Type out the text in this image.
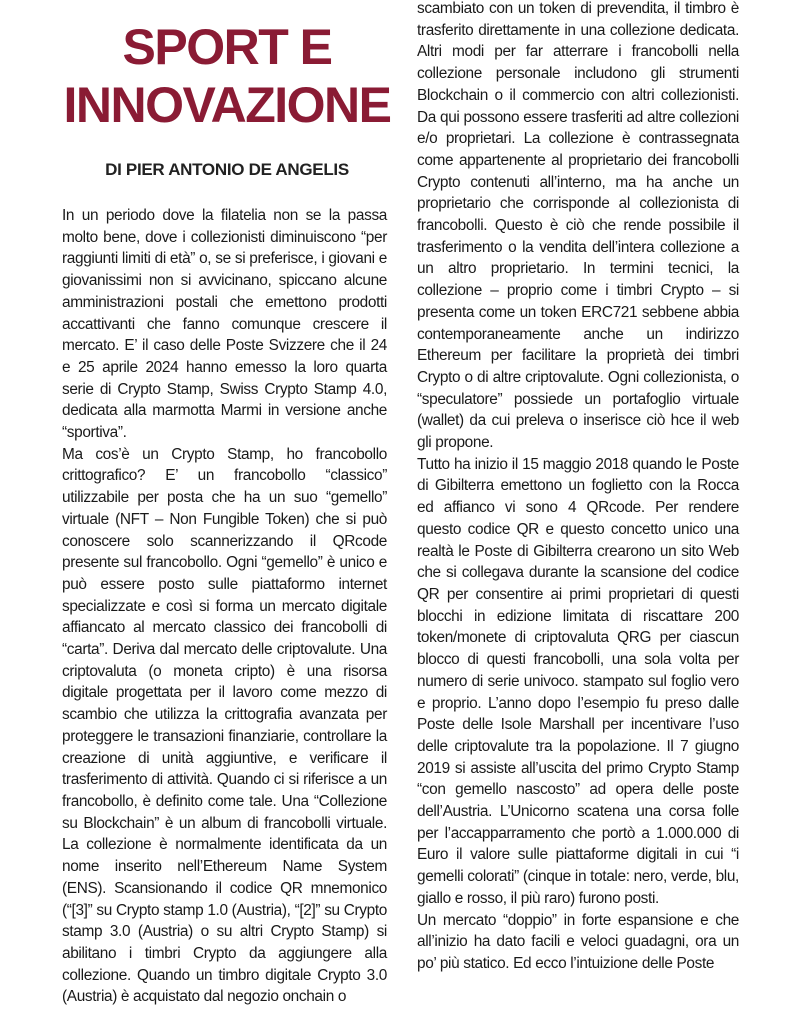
SPORT E
INNOVAZIONE
DI PIER ANTONIO DE ANGELIS

In un periodo dove la filatelia non se la passa molto bene, dove i collezionisti diminuiscono “per raggiunti limiti di età” o, se si preferisce, i giovani e giovanissimi non si avvicinano, spiccano alcune amministrazioni postali che emettono prodotti accattivanti che fanno comunque crescere il mercato. E’ il caso delle Poste Svizzere che il 24 e 25 aprile 2024 hanno emesso la loro quarta serie di Crypto Stamp, Swiss Crypto Stamp 4.0, dedicata alla marmotta Marmi in versione anche “sportiva”.

Ma cos’è un Crypto Stamp, ho francobollo crittografico? E’ un francobollo “classico” utilizzabile per posta che ha un suo “gemello” virtuale (NFT – Non Fungible Token) che si può conoscere solo scannerizzando il QRcode presente sul francobollo. Ogni “gemello” è unico e può essere posto sulle piattaformo internet specializzate e così si forma un mercato digitale affiancato al mercato classico dei francobolli di “carta”. Deriva dal mercato delle criptovalute. Una criptovaluta (o moneta cripto) è una risorsa digitale progettata per il lavoro come mezzo di scambio che utilizza la crittografia avanzata per proteggere le transazioni finanziarie, controllare la creazione di unità aggiuntive, e verificare il trasferimento di attività. Quando ci si riferisce a un francobollo, è definito come tale. Una “Collezione su Blockchain” è un album di francobolli virtuale. La collezione è normalmente identificata da un nome inserito nell’Ethereum Name System (ENS). Scansionando il codice QR mnemonico (“[3]” su Crypto stamp 1.0 (Austria), “[2]” su Crypto stamp 3.0 (Austria) o su altri Crypto Stamp) si abilitano i timbri Crypto da aggiungere alla collezione. Quando un timbro digitale Crypto 3.0 (Austria) è acquistato dal negozio onchain o

scambiato con un token di prevendita, il timbro è trasferito direttamente in una collezione dedicata. Altri modi per far atterrare i francobolli nella collezione personale includono gli strumenti Blockchain o il commercio con altri collezionisti. Da qui possono essere trasferiti ad altre collezioni e/o proprietari. La collezione è contrassegnata come appartenente al proprietario dei francobolli Crypto contenuti all’interno, ma ha anche un proprietario che corrisponde al collezionista di francobolli. Questo è ciò che rende possibile il trasferimento o la vendita dell’intera collezione a un altro proprietario. In termini tecnici, la collezione – proprio come i timbri Crypto – si presenta come un token ERC721 sebbene abbia contemporaneamente anche un indirizzo Ethereum per facilitare la proprietà dei timbri Crypto o di altre criptovalute. Ogni collezionista, o “speculatore” possiede un portafoglio virtuale (wallet) da cui preleva o inserisce ciò hce il web gli propone.

Tutto ha inizio il 15 maggio 2018 quando le Poste di Gibilterra emettono un foglietto con la Rocca ed affianco vi sono 4 QRcode. Per rendere questo codice QR e questo concetto unico una realtà le Poste di Gibilterra crearono un sito Web che si collegava durante la scansione del codice QR per consentire ai primi proprietari di questi blocchi in edizione limitata di riscattare 200 token/monete di criptovaluta QRG per ciascun blocco di questi francobolli, una sola volta per numero di serie univoco. stampato sul foglio vero e proprio. L’anno dopo l’esempio fu preso dalle Poste delle Isole Marshall per incentivare l’uso delle criptovalute tra la popolazione. Il 7 giugno 2019 si assiste all’uscita del primo Crypto Stamp “con gemello nascosto” ad opera delle poste dell’Austria. L’Unicorno scatena una corsa folle per l’accapparramento che portò a 1.000.000 di Euro il valore sulle piattaforme digitali in cui “i gemelli colorati” (cinque in totale: nero, verde, blu, giallo e rosso, il più raro) furono posti.

Un mercato “doppio” in forte espansione e che all’inizio ha dato facili e veloci guadagni, ora un po’ più statico. Ed ecco l’intuizione delle Poste
